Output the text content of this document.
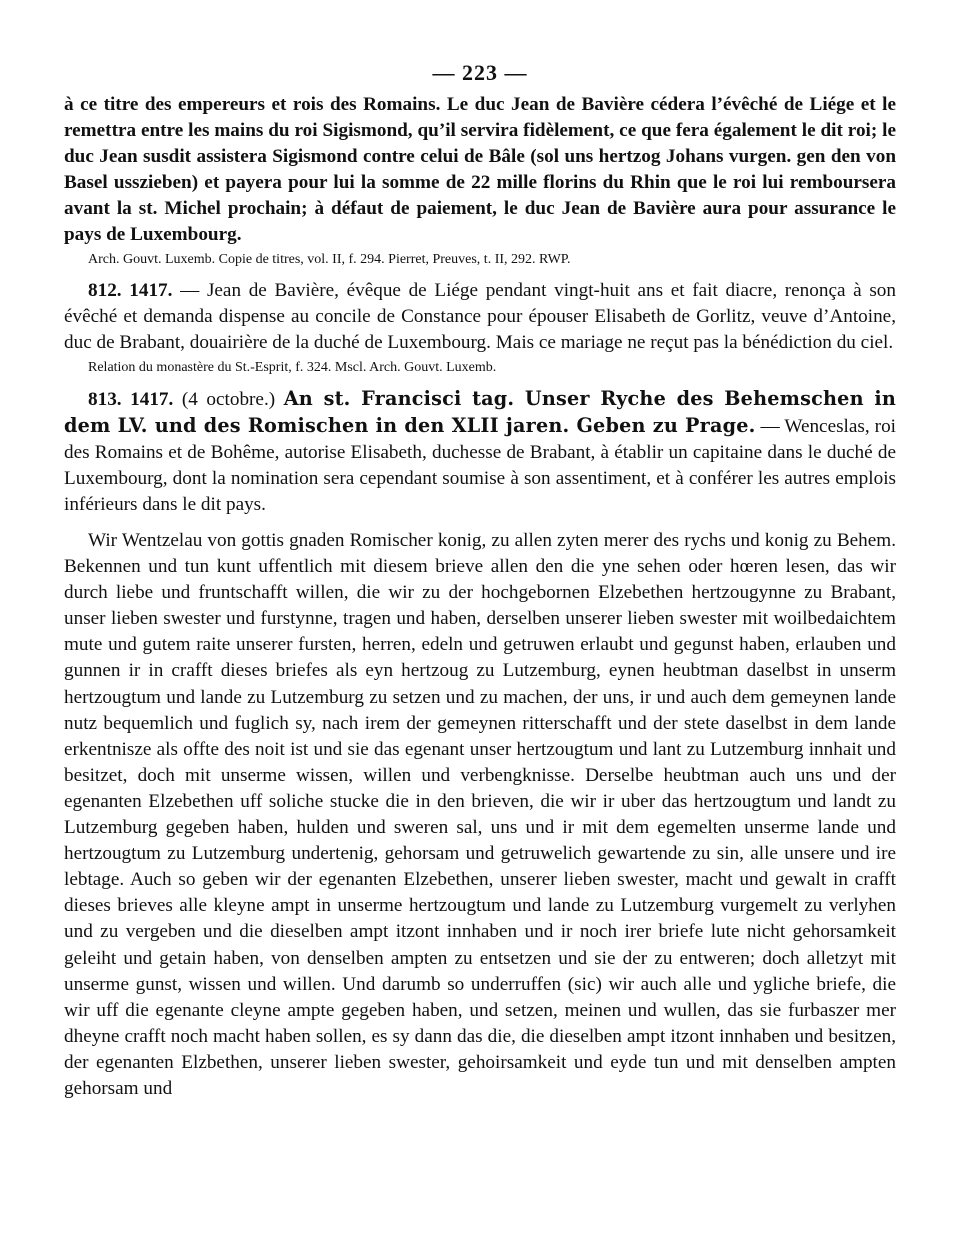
— 223 —

à ce titre des empereurs et rois des Romains. Le duc Jean de Bavière cédera l’évêché de Liége et le remettra entre les mains du roi Sigismond, qu’il servira fidèlement, ce que fera également le dit roi; le duc Jean susdit assistera Sigismond contre celui de Bâle (sol uns hertzog Johans vurgen. gen den von Basel usszieben) et payera pour lui la somme de 22 mille florins du Rhin que le roi lui remboursera avant la st. Michel prochain; à défaut de paiement, le duc Jean de Bavière aura pour assurance le pays de Luxembourg.

Arch. Gouvt. Luxemb. Copie de titres, vol. II, f. 294. Pierret, Preuves, t. II, 292. RWP.

812. 1417. — Jean de Bavière, évêque de Liége pendant vingt-huit ans et fait diacre, renonça à son évêché et demanda dispense au concile de Constance pour épouser Elisabeth de Gorlitz, veuve d’Antoine, duc de Brabant, douairière de la duché de Luxembourg. Mais ce mariage ne reçut pas la bénédiction du ciel.

Relation du monastère du St.-Esprit, f. 324. Mscl. Arch. Gouvt. Luxemb.

813. 1417. (4 octobre.) An st. Francisci tag. Unser Ryche des Behemschen in dem LV. und des Romischen in den XLII jaren. Geben zu Prage. — Wenceslas, roi des Romains et de Bohême, autorise Elisabeth, duchesse de Brabant, à établir un capitaine dans le duché de Luxembourg, dont la nomination sera cependant soumise à son assentiment, et à conférer les autres emplois inférieurs dans le dit pays.

Wir Wentzelau von gottis gnaden Romischer konig, zu allen zyten merer des rychs und konig zu Behem. Bekennen und tun kunt uffentlich mit diesem brieve allen den die yne sehen oder hœren lesen, das wir durch liebe und fruntschafft willen, die wir zu der hochgebornen Elzebethen hertzougynne zu Brabant, unser lieben swester und furstynne, tragen und haben, derselben unserer lieben swester mit woilbedaichtem mute und gutem raite unserer fursten, herren, edeln und getruwen erlaubt und gegunst haben, erlauben und gunnen ir in crafft dieses briefes als eyn hertzoug zu Lutzemburg, eynen heubtman daselbst in unserm hertzougtum und lande zu Lutzemburg zu setzen und zu machen, der uns, ir und auch dem gemeynen lande nutz bequemlich und fuglich sy, nach irem der gemeynen ritterschafft und der stete daselbst in dem lande erkentnisze als offte des noit ist und sie das egenant unser hertzougtum und lant zu Lutzemburg innhait und besitzet, doch mit unserme wissen, willen und verbengknisse. Derselbe heubtman auch uns und der egenanten Elzebethen uff soliche stucke die in den brieven, die wir ir uber das hertzougtum und landt zu Lutzemburg gegeben haben, hulden und sweren sal, uns und ir mit dem egemelten unserme lande und hertzougtum zu Lutzemburg undertenig, gehorsam und getruwelich gewartende zu sin, alle unsere und ire lebtage. Auch so geben wir der egenanten Elzebethen, unserer lieben swester, macht und gewalt in crafft dieses brieves alle kleyne ampt in unserme hertzougtum und lande zu Lutzemburg vurgemelt zu verlyhen und zu vergeben und die dieselben ampt itzont innhaben und ir noch irer briefe lute nicht gehorsamkeit geleiht und getain haben, von denselben ampten zu entsetzen und sie der zu entweren; doch alletzyt mit unserme gunst, wissen und willen. Und darumb so underruffen (sic) wir auch alle und ygliche briefe, die wir uff die egenante cleyne ampte gegeben haben, und setzen, meinen und wullen, das sie furbaszer mer dheyne crafft noch macht haben sollen, es sy dann das die, die dieselben ampt itzont innhaben und besitzen, der egenanten Elzbethen, unserer lieben swester, gehoirsamkeit und eyde tun und mit denselben ampten gehorsam und
